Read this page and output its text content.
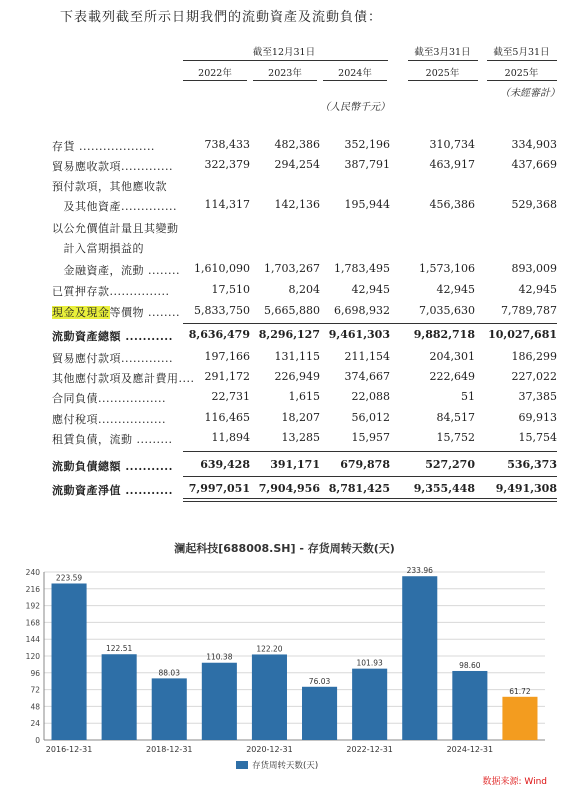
下表載列截至所示日期我們的流動資產及流動負債：
截至12月31日	截至3月31日	截至5月31日
2022年	2023年	2024年	2025年	2025年
（人民幣千元）
（未經審計）
存貨 ...................	738,433	482,386	352,196	310,734	334,903
貿易應收款項.............	322,379	294,254	387,791	463,917	437,669
預付款項，其他應收款
　及其他資產..............	114,317	142,136	195,944	456,386	529,368
以公允價值計量且其變動
　計入當期損益的
　金融資產，流動 ........	1,610,090	1,703,267	1,783,495	1,573,106	893,009
已質押存款...............	17,510	8,204	42,945	42,945	42,945
現金及現金等價物 ........	5,833,750	5,665,880	6,698,932	7,035,630	7,789,787
流動資產總額 ...........	8,636,479 8,296,127 9,461,303	9,882,718 10,027,681
貿易應付款項.............	197,166	131,115	211,154	204,301	186,299
其他應付款項及應計費用.... 291,172	226,949	374,667	222,649	227,022
合同負債.................	22,731	1,615	22,088	51	37,385
應付稅項.................	116,465	18,207	56,012	84,517	69,913
租賃負債，流動 .........	11,894	13,285	15,957	15,752	15,754
流動負債總額 ...........	639,428	391,171	679,878	527,270	536,373
流動資產淨值 ...........	7,997,051 7,904,956 8,781,425	9,355,448	9,491,308
澜起科技[688008.SH] - 存货周转天数(天)
0
24
48
72
96
120
144
168
192
216
240
223.59
122.51
88.03
110.38
122.20
76.03
101.93
233.96
98.60
61.72
2016-12-31	2018-12-31	2020-12-31	2022-12-31	2024-12-31
存货周转天数(天)
数据来源: Wind
